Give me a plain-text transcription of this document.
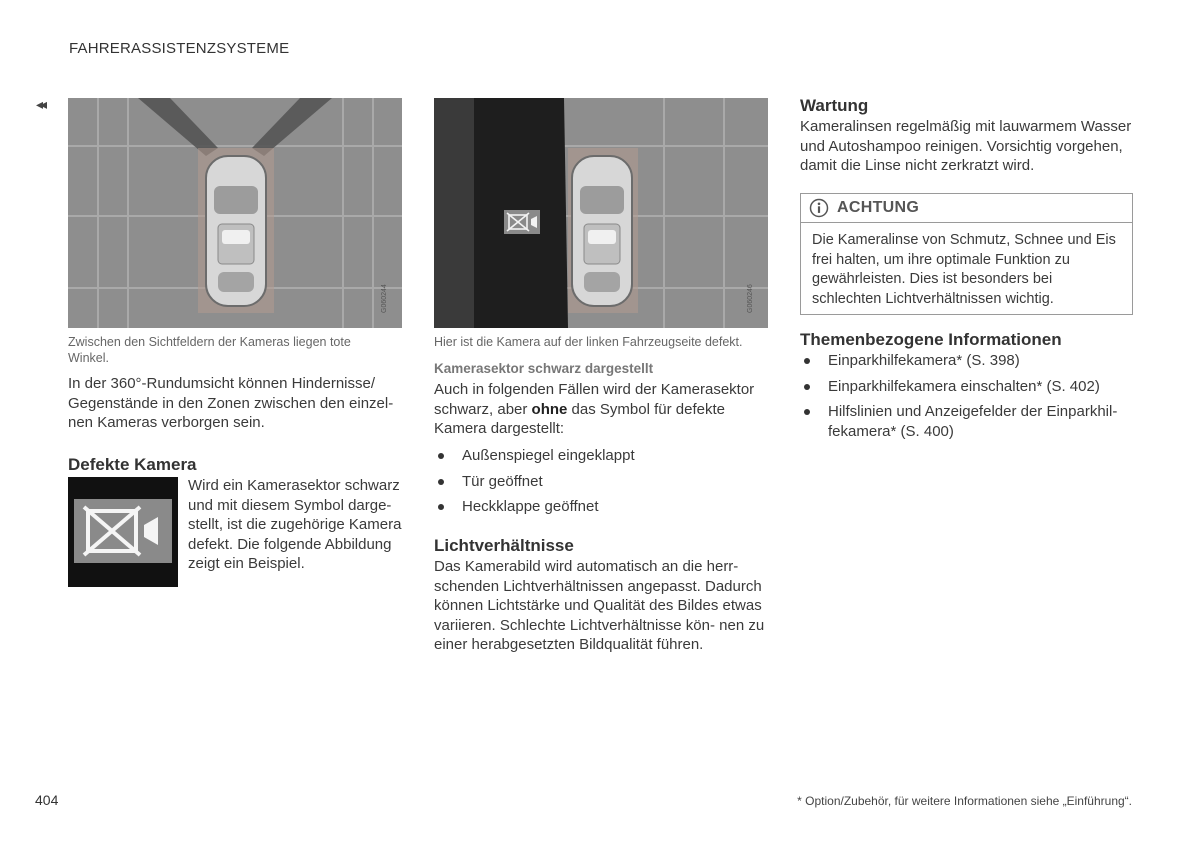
FAHRERASSISTENZSYSTEME
◂◂
G060244
Zwischen den Sichtfeldern der Kameras liegen tote Winkel.
In der 360°-Rundumsicht können Hindernisse/ Gegenstände in den Zonen zwischen den einzel- nen Kameras verborgen sein.
Defekte Kamera
Wird ein Kamerasektor schwarz und mit diesem Symbol darge- stellt, ist die zugehörige Kamera defekt. Die folgende Abbildung zeigt ein Beispiel.
G060246
Hier ist die Kamera auf der linken Fahrzeugseite defekt.
Kamerasektor schwarz dargestellt
Auch in folgenden Fällen wird der Kamerasektor schwarz, aber ohne das Symbol für defekte Kamera dargestellt:
Außenspiegel eingeklappt
Tür geöffnet
Heckklappe geöffnet
Lichtverhältnisse
Das Kamerabild wird automatisch an die herr- schenden Lichtverhältnissen angepasst. Dadurch können Lichtstärke und Qualität des Bildes etwas variieren. Schlechte Lichtverhältnisse kön- nen zu einer herabgesetzten Bildqualität führen.
Wartung
Kameralinsen regelmäßig mit lauwarmem Wasser und Autoshampoo reinigen. Vorsichtig vorgehen, damit die Linse nicht zerkratzt wird.
ACHTUNG
Die Kameralinse von Schmutz, Schnee und Eis frei halten, um ihre optimale Funktion zu gewährleisten. Dies ist besonders bei schlechten Lichtverhältnissen wichtig.
Themenbezogene Informationen
Einparkhilfekamera* (S. 398)
Einparkhilfekamera einschalten* (S. 402)
Hilfslinien und Anzeigefelder der Einparkhil- fekamera* (S. 400)
404	* Option/Zubehör, für weitere Informationen siehe „Einführung“.
